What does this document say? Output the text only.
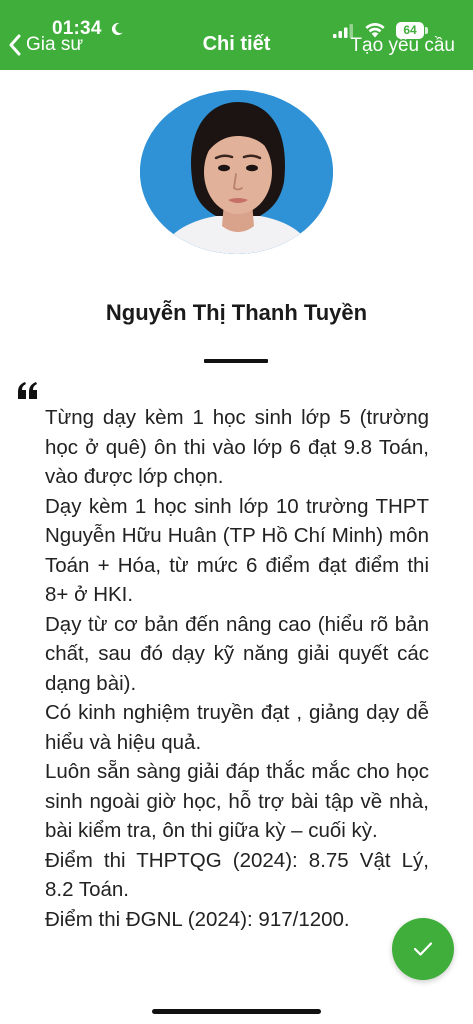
01:34	64
Gia sư	Chi tiết	Tạo yêu cầu
Nguyễn Thị Thanh Tuyền

Từng dạy kèm 1 học sinh lớp 5 (trường học ở quê) ôn thi vào lớp 6 đạt 9.8 Toán, vào được lớp chọn.

Dạy kèm 1 học sinh lớp 10 trường THPT Nguyễn Hữu Huân (TP Hồ Chí Minh) môn Toán + Hóa, từ mức 6 điểm đạt điểm thi 8+ ở HKI.

Dạy từ cơ bản đến nâng cao (hiểu rõ bản chất, sau đó dạy kỹ năng giải quyết các dạng bài).

Có kinh nghiệm truyền đạt , giảng dạy dễ hiểu và hiệu quả.

Luôn sẵn sàng giải đáp thắc mắc cho học sinh ngoài giờ học, hỗ trợ bài tập về nhà, bài kiểm tra, ôn thi giữa kỳ – cuối kỳ.

Điểm thi THPTQG (2024): 8.75 Vật Lý, 8.2 Toán.

Điểm thi ĐGNL (2024): 917/1200.
